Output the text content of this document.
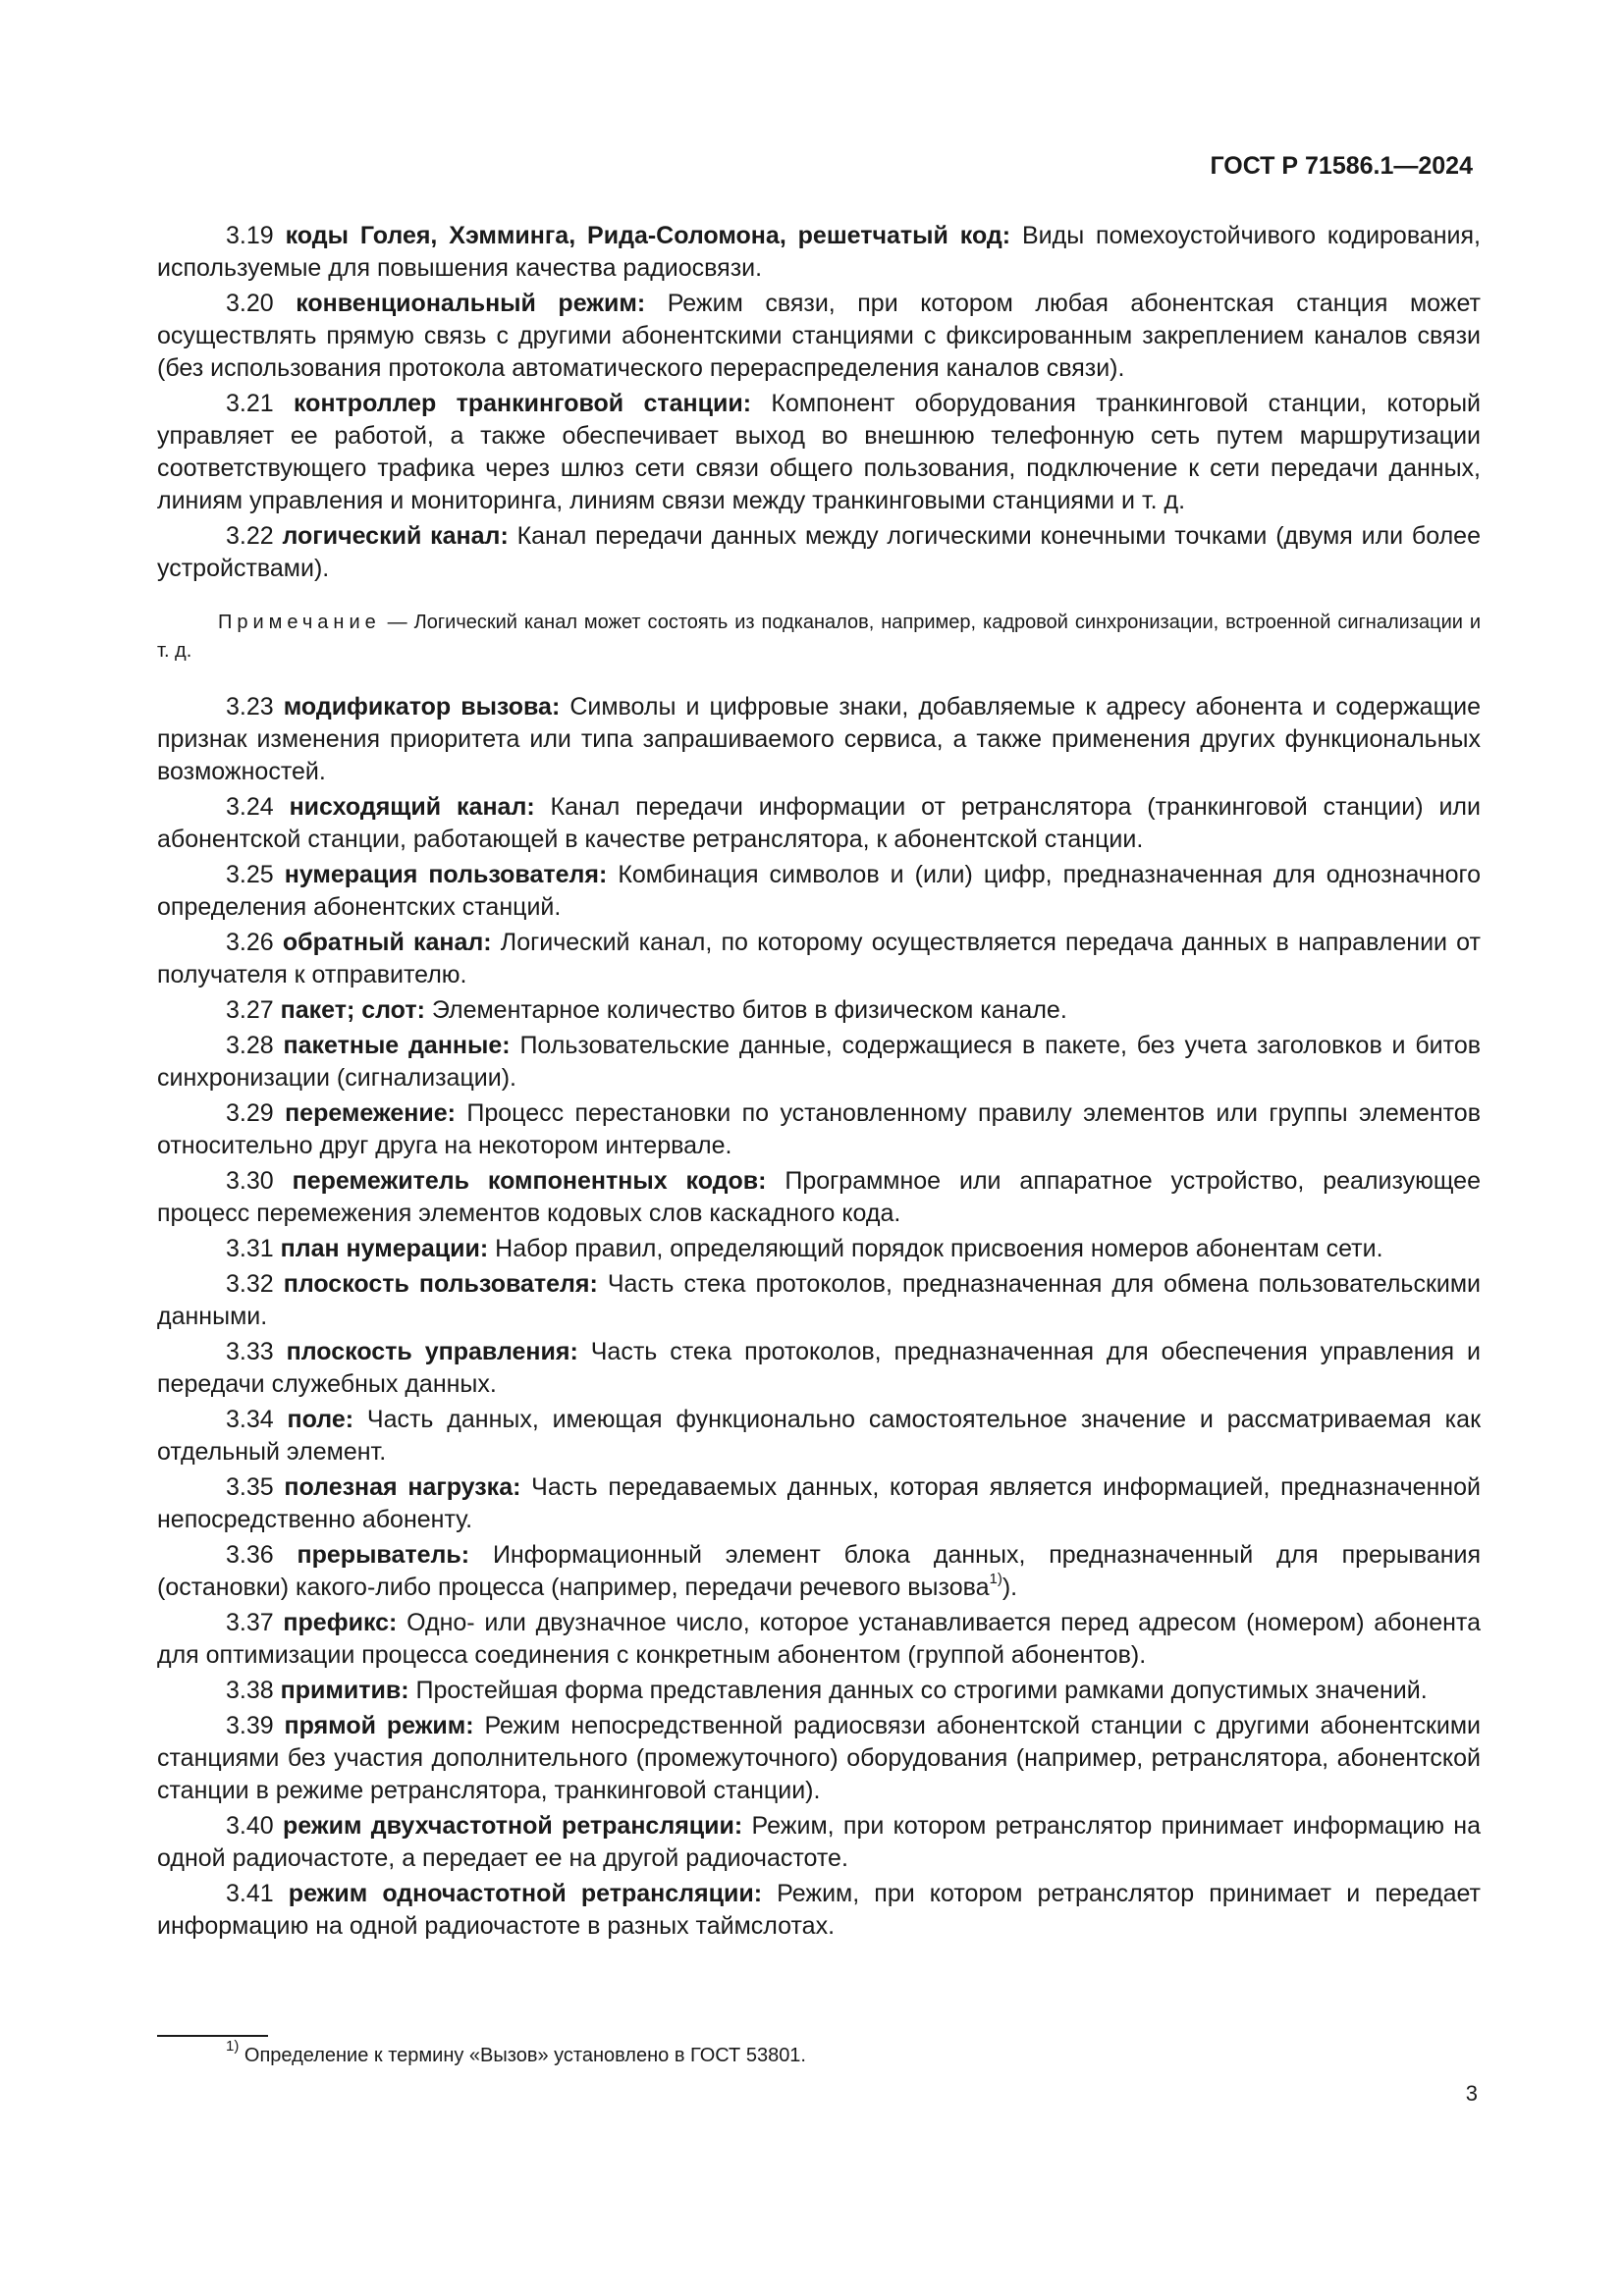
ГОСТ Р 71586.1—2024

3.19 коды Голея, Хэмминга, Рида-Соломона, решетчатый код: Виды помехоустойчивого кодирования, используемые для повышения качества радиосвязи.

3.20 конвенциональный режим: Режим связи, при котором любая абонентская станция может осуществлять прямую связь с другими абонентскими станциями с фиксированным закреплением каналов связи (без использования протокола автоматического перераспределения каналов связи).

3.21 контроллер транкинговой станции: Компонент оборудования транкинговой станции, который управляет ее работой, а также обеспечивает выход во внешнюю телефонную сеть путем маршрутизации соответствующего трафика через шлюз сети связи общего пользования, подключение к сети передачи данных, линиям управления и мониторинга, линиям связи между транкинговыми станциями и т. д.

3.22 логический канал: Канал передачи данных между логическими конечными точками (двумя или более устройствами).

Примечание — Логический канал может состоять из подканалов, например, кадровой синхронизации, встроенной сигнализации и т. д.

3.23 модификатор вызова: Символы и цифровые знаки, добавляемые к адресу абонента и содержащие признак изменения приоритета или типа запрашиваемого сервиса, а также применения других функциональных возможностей.

3.24 нисходящий канал: Канал передачи информации от ретранслятора (транкинговой станции) или абонентской станции, работающей в качестве ретранслятора, к абонентской станции.

3.25 нумерация пользователя: Комбинация символов и (или) цифр, предназначенная для однозначного определения абонентских станций.

3.26 обратный канал: Логический канал, по которому осуществляется передача данных в направлении от получателя к отправителю.

3.27 пакет; слот: Элементарное количество битов в физическом канале.

3.28 пакетные данные: Пользовательские данные, содержащиеся в пакете, без учета заголовков и битов синхронизации (сигнализации).

3.29 перемежение: Процесс перестановки по установленному правилу элементов или группы элементов относительно друг друга на некотором интервале.

3.30 перемежитель компонентных кодов: Программное или аппаратное устройство, реализующее процесс перемежения элементов кодовых слов каскадного кода.

3.31 план нумерации: Набор правил, определяющий порядок присвоения номеров абонентам сети.

3.32 плоскость пользователя: Часть стека протоколов, предназначенная для обмена пользовательскими данными.

3.33 плоскость управления: Часть стека протоколов, предназначенная для обеспечения управления и передачи служебных данных.

3.34 поле: Часть данных, имеющая функционально самостоятельное значение и рассматриваемая как отдельный элемент.

3.35 полезная нагрузка: Часть передаваемых данных, которая является информацией, предназначенной непосредственно абоненту.

3.36 прерыватель: Информационный элемент блока данных, предназначенный для прерывания (остановки) какого-либо процесса (например, передачи речевого вызова$^{1)}$).

3.37 префикс: Одно- или двузначное число, которое устанавливается перед адресом (номером) абонента для оптимизации процесса соединения с конкретным абонентом (группой абонентов).

3.38 примитив: Простейшая форма представления данных со строгими рамками допустимых значений.

3.39 прямой режим: Режим непосредственной радиосвязи абонентской станции с другими абонентскими станциями без участия дополнительного (промежуточного) оборудования (например, ретранслятора, абонентской станции в режиме ретранслятора, транкинговой станции).

3.40 режим двухчастотной ретрансляции: Режим, при котором ретранслятор принимает информацию на одной радиочастоте, а передает ее на другой радиочастоте.

3.41 режим одночастотной ретрансляции: Режим, при котором ретранслятор принимает и передает информацию на одной радиочастоте в разных таймслотах.

$^{1)}$ Определение к термину «Вызов» установлено в ГОСТ 53801.
3
